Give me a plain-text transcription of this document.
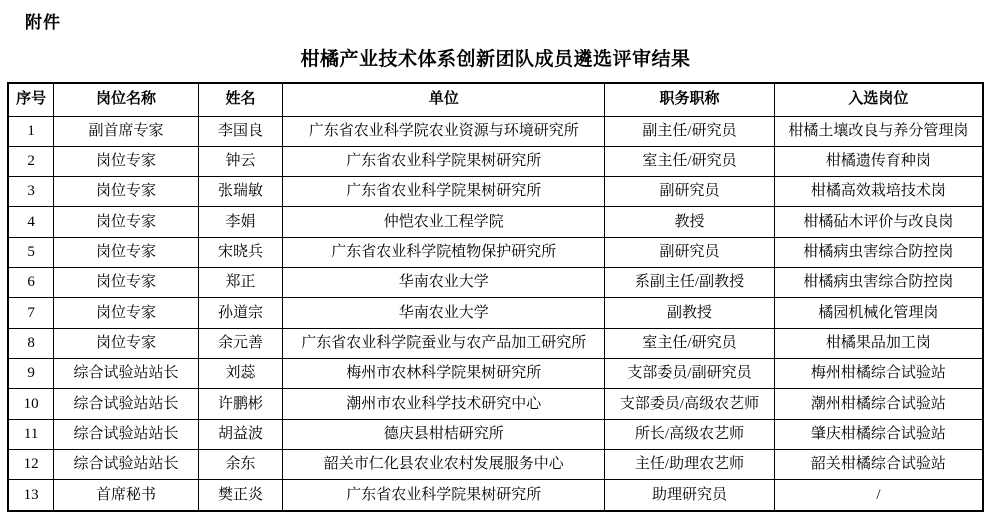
附件
柑橘产业技术体系创新团队成员遴选评审结果
序号	岗位名称	姓名	单位	职务职称	入选岗位
1	副首席专家	李国良	广东省农业科学院农业资源与环境研究所	副主任/研究员	柑橘土壤改良与养分管理岗
2	岗位专家	钟云	广东省农业科学院果树研究所	室主任/研究员	柑橘遗传育种岗
3	岗位专家	张瑞敏	广东省农业科学院果树研究所	副研究员	柑橘高效栽培技术岗
4	岗位专家	李娟	仲恺农业工程学院	教授	柑橘砧木评价与改良岗
5	岗位专家	宋晓兵	广东省农业科学院植物保护研究所	副研究员	柑橘病虫害综合防控岗
6	岗位专家	郑正	华南农业大学	系副主任/副教授	柑橘病虫害综合防控岗
7	岗位专家	孙道宗	华南农业大学	副教授	橘园机械化管理岗
8	岗位专家	余元善	广东省农业科学院蚕业与农产品加工研究所	室主任/研究员	柑橘果品加工岗
9	综合试验站站长	刘蕊	梅州市农林科学院果树研究所	支部委员/副研究员	梅州柑橘综合试验站
10	综合试验站站长	许鹏彬	潮州市农业科学技术研究中心	支部委员/高级农艺师	潮州柑橘综合试验站
11	综合试验站站长	胡益波	德庆县柑桔研究所	所长/高级农艺师	肇庆柑橘综合试验站
12	综合试验站站长	余东	韶关市仁化县农业农村发展服务中心	主任/助理农艺师	韶关柑橘综合试验站
13	首席秘书	樊正炎	广东省农业科学院果树研究所	助理研究员	/
